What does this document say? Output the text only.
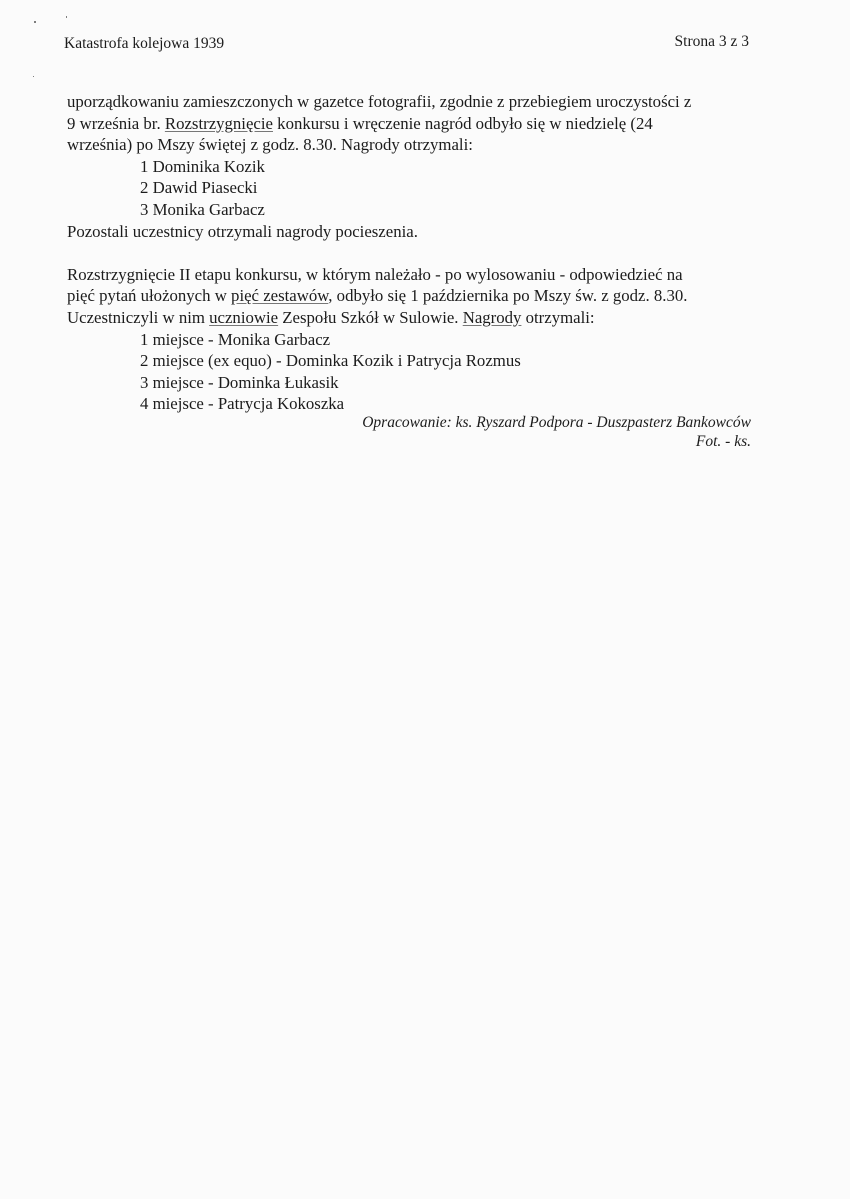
Katastrofa kolejowa 1939	Strona 3 z 3

uporządkowaniu zamieszczonych w gazetce fotografii, zgodnie z przebiegiem uroczystości z
9 września br. Rozstrzygnięcie konkursu i wręczenie nagród odbyło się w niedzielę (24
września) po Mszy świętej z godz. 8.30. Nagrody otrzymali:

1 Dominika Kozik
2 Dawid Piasecki
3 Monika Garbacz

Pozostali uczestnicy otrzymali nagrody pocieszenia.

Rozstrzygnięcie II etapu konkursu, w którym należało - po wylosowaniu - odpowiedzieć na
pięć pytań ułożonych w pięć zestawów, odbyło się 1 października po Mszy św. z godz. 8.30.
Uczestniczyli w nim uczniowie Zespołu Szkół w Sulowie. Nagrody otrzymali:

1 miejsce - Monika Garbacz
2 miejsce (ex equo) - Dominka Kozik i Patrycja Rozmus
3 miejsce - Dominka Łukasik
4 miejsce - Patrycja Kokoszka
Opracowanie: ks. Ryszard Podpora - Duszpasterz Bankowców
Fot. - ks.
